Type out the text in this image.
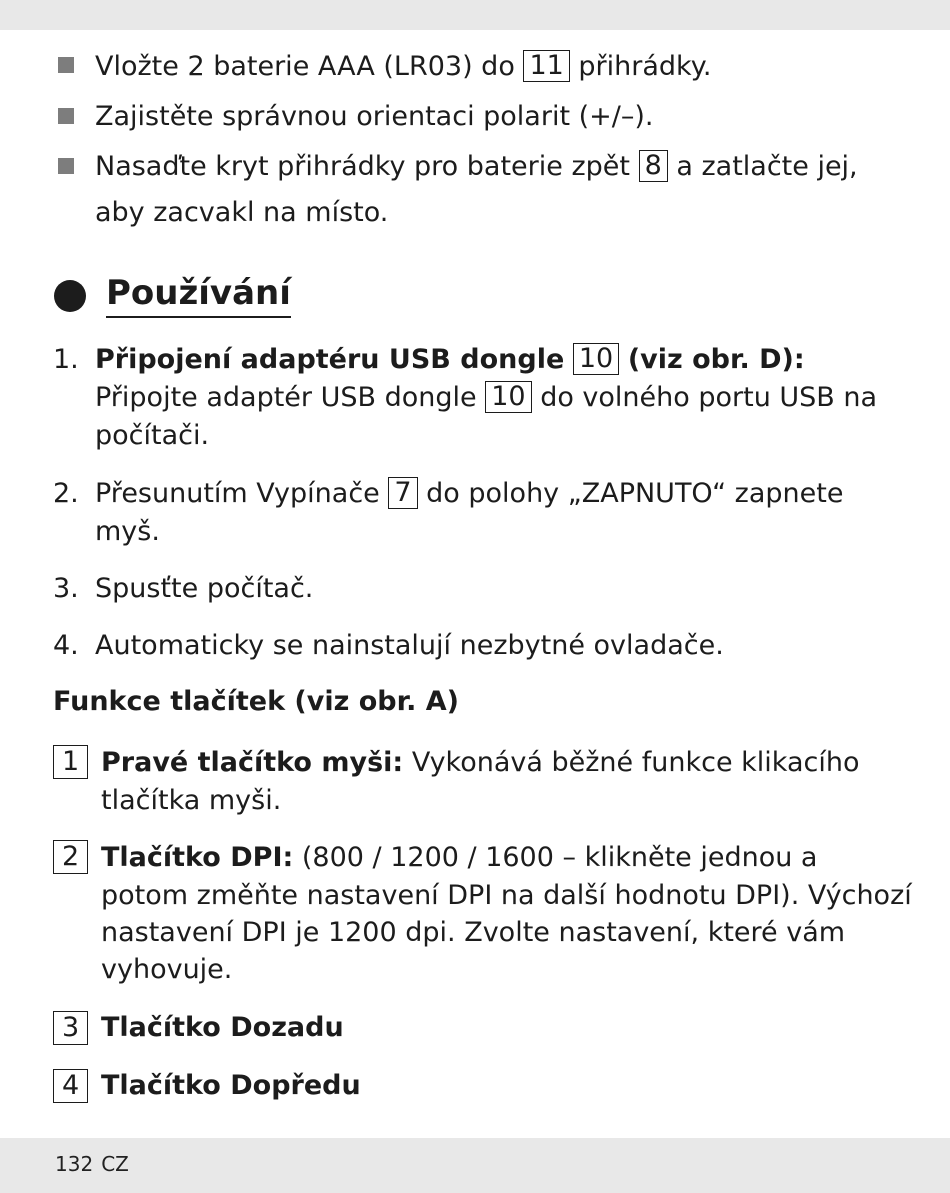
Vložte 2 baterie AAA (LR03) do 11 přihrádky.
Zajistěte správnou orientaci polarit (+/–).
Nasaďte kryt přihrádky pro baterie zpět 8 a zatlačte jej,
aby zacvakl na místo.
Používání
1. Připojení adaptéru USB dongle 10 (viz obr. D):
Připojte adaptér USB dongle 10 do volného portu USB na
počítači.
2. Přesunutím Vypínače 7 do polohy „ZAPNUTO“ zapnete
myš.
3. Spusťte počítač.
4. Automaticky se nainstalují nezbytné ovladače.
Funkce tlačítek (viz obr. A)
1 Pravé tlačítko myši: Vykonává běžné funkce klikacího
tlačítka myši.
2 Tlačítko DPI: (800 / 1200 / 1600 – klikněte jednou a
potom změňte nastavení DPI na další hodnotu DPI). Výchozí
nastavení DPI je 1200 dpi. Zvolte nastavení, které vám
vyhovuje.
3 Tlačítko Dozadu
4 Tlačítko Dopředu
132 CZ
